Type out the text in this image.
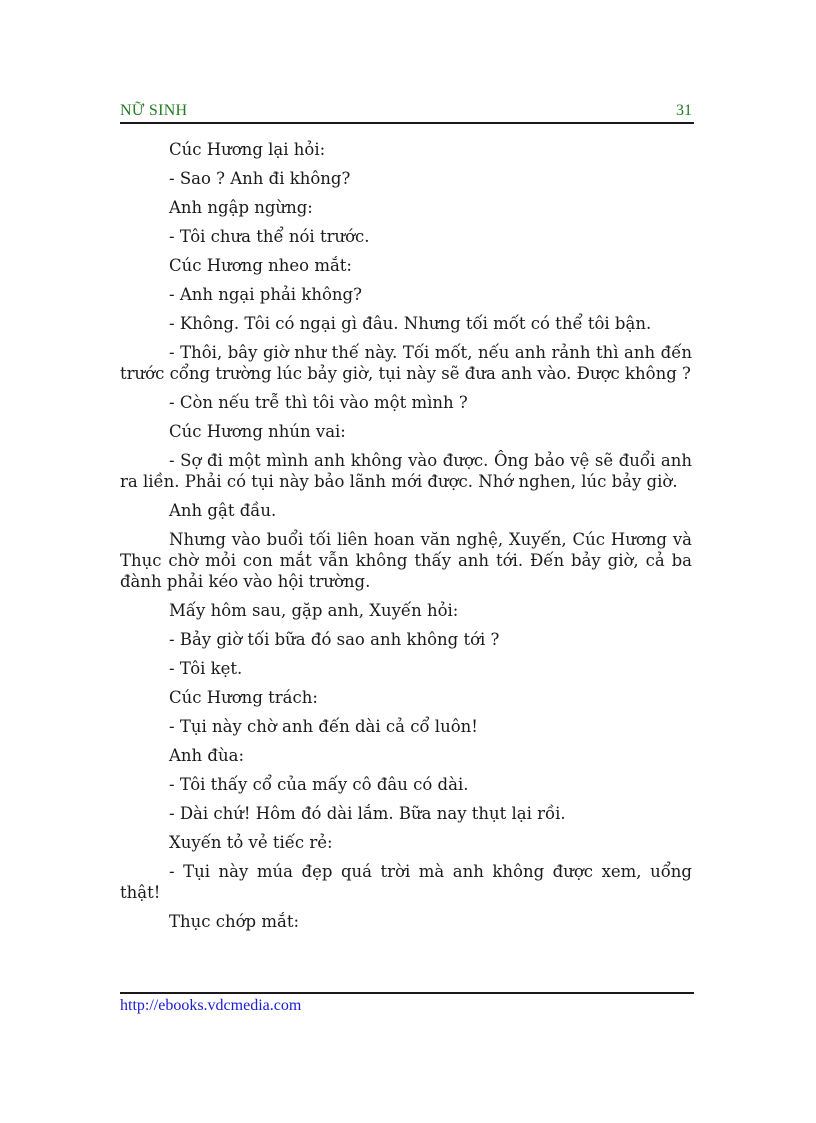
NỮ SINH	31

Cúc Hương lại hỏi:

- Sao ? Anh đi không?

Anh ngập ngừng:

- Tôi chưa thể nói trước.

Cúc Hương nheo mắt:

- Anh ngại phải không?

- Không. Tôi có ngại gì đâu. Nhưng tối mốt có thể tôi bận.

- Thôi, bây giờ như thế này. Tối mốt, nếu anh rảnh thì anh đến trước cổng trường lúc bảy giờ, tụi này sẽ đưa anh vào. Được không ?

- Còn nếu trễ thì tôi vào một mình ?

Cúc Hương nhún vai:

- Sợ đi một mình anh không vào được. Ông bảo vệ sẽ đuổi anh ra liền. Phải có tụi này bảo lãnh mới được. Nhớ nghen, lúc bảy giờ.

Anh gật đầu.

Nhưng vào buổi tối liên hoan văn nghệ, Xuyến, Cúc Hương và Thục chờ mỏi con mắt vẫn không thấy anh tới. Đến bảy giờ, cả ba đành phải kéo vào hội trường.

Mấy hôm sau, gặp anh, Xuyến hỏi:

- Bảy giờ tối bữa đó sao anh không tới ?

- Tôi kẹt.

Cúc Hương trách:

- Tụi này chờ anh đến dài cả cổ luôn!

Anh đùa:

- Tôi thấy cổ của mấy cô đâu có dài.

- Dài chứ! Hôm đó dài lắm. Bữa nay thụt lại rồi.

Xuyến tỏ vẻ tiếc rẻ:

- Tụi này múa đẹp quá trời mà anh không được xem, uổng thật!

Thục chớp mắt:

http://ebooks.vdcmedia.com
